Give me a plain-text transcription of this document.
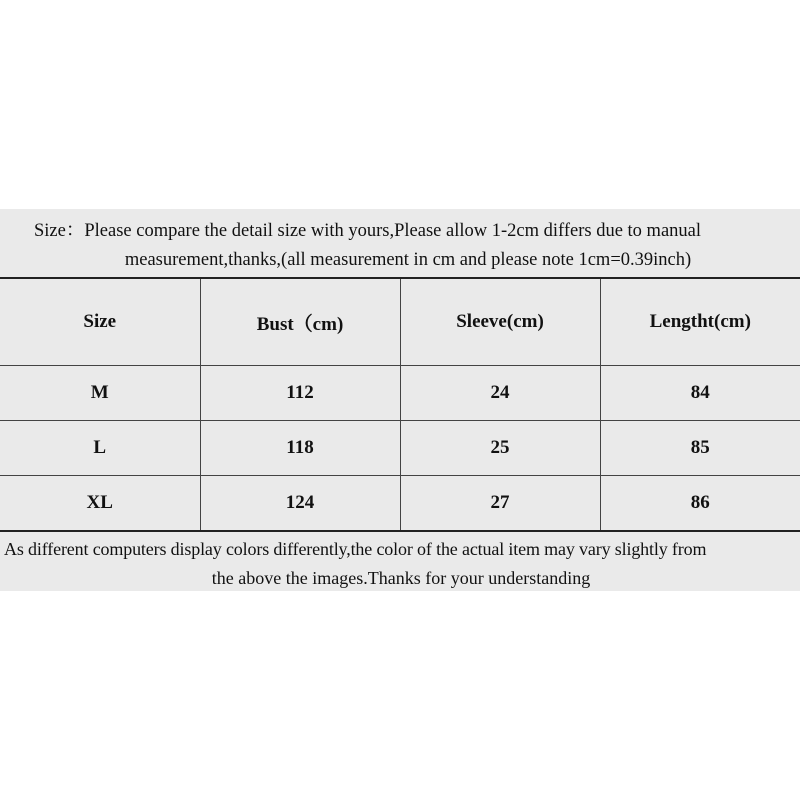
Size：Please compare the detail size with yours,Please allow 1-2cm differs due to manual
measurement,thanks,(all measurement in cm and please note 1cm=0.39inch)
Size	Bust（cm)	Sleeve(cm)	Lengtht(cm)
M	112	24	84
L	118	25	85
XL	124	27	86
As different computers display colors differently,the color of the actual item may vary slightly from
the above the images.Thanks for your understanding
